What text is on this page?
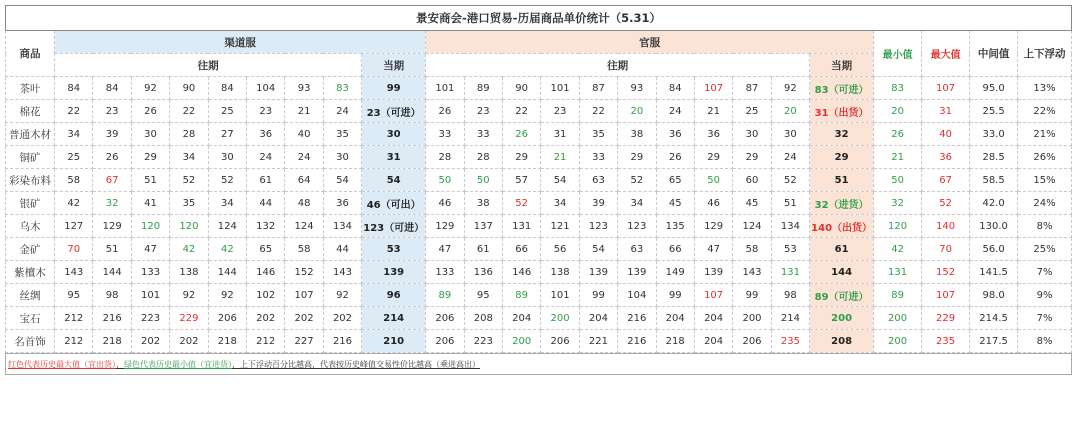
景安商会-港口贸易-历届商品单价统计（5.31）																								
商品	渠道服									官服											最小值	最大值	中间值	上下浮动
	往期								当期	往期										当期				
茶叶	84	84	92	90	84	104	93	83	99	101	89	90	101	87	93	84	107	87	92	83（可进）	83	107	95.0	13%
棉花	22	23	26	22	25	23	21	24	23（可进）	26	23	22	23	22	20	24	21	25	20	31（出货）	20	31	25.5	22%
普通木材	34	39	30	28	27	36	40	35	30	33	33	26	31	35	38	36	36	30	30	32	26	40	33.0	21%
铜矿	25	26	29	34	30	24	24	30	31	28	28	29	21	33	29	26	29	29	24	29	21	36	28.5	26%
彩染布料	58	67	51	52	52	61	64	54	54	50	50	57	54	63	52	65	50	60	52	51	50	67	58.5	15%
银矿	42	32	41	35	34	44	48	36	46（可出）	46	38	52	34	39	34	45	46	45	51	32（进货）	32	52	42.0	24%
乌木	127	129	120	120	124	132	124	134	123（可进）	129	137	131	121	123	123	135	129	124	134	140（出货）	120	140	130.0	8%
金矿	70	51	47	42	42	65	58	44	53	47	61	66	56	54	63	66	47	58	53	61	42	70	56.0	25%
紫檀木	143	144	133	138	144	146	152	143	139	133	136	146	138	139	139	149	139	143	131	144	131	152	141.5	7%
丝绸	95	98	101	92	92	102	107	92	96	89	95	89	101	99	104	99	107	99	98	89（可进）	89	107	98.0	9%
宝石	212	216	223	229	206	202	202	202	214	206	208	204	200	204	216	204	204	200	214	200	200	229	214.5	7%
名首饰	212	218	202	202	218	212	227	216	210	206	223	200	206	221	216	218	204	206	235	208	200	235	217.5	8%
红色代表历史最大值（宜出货），绿色代表历史最小值（宜进货），上下浮动百分比越高，代表按历史峰值交易性价比越高（乘进高出）
